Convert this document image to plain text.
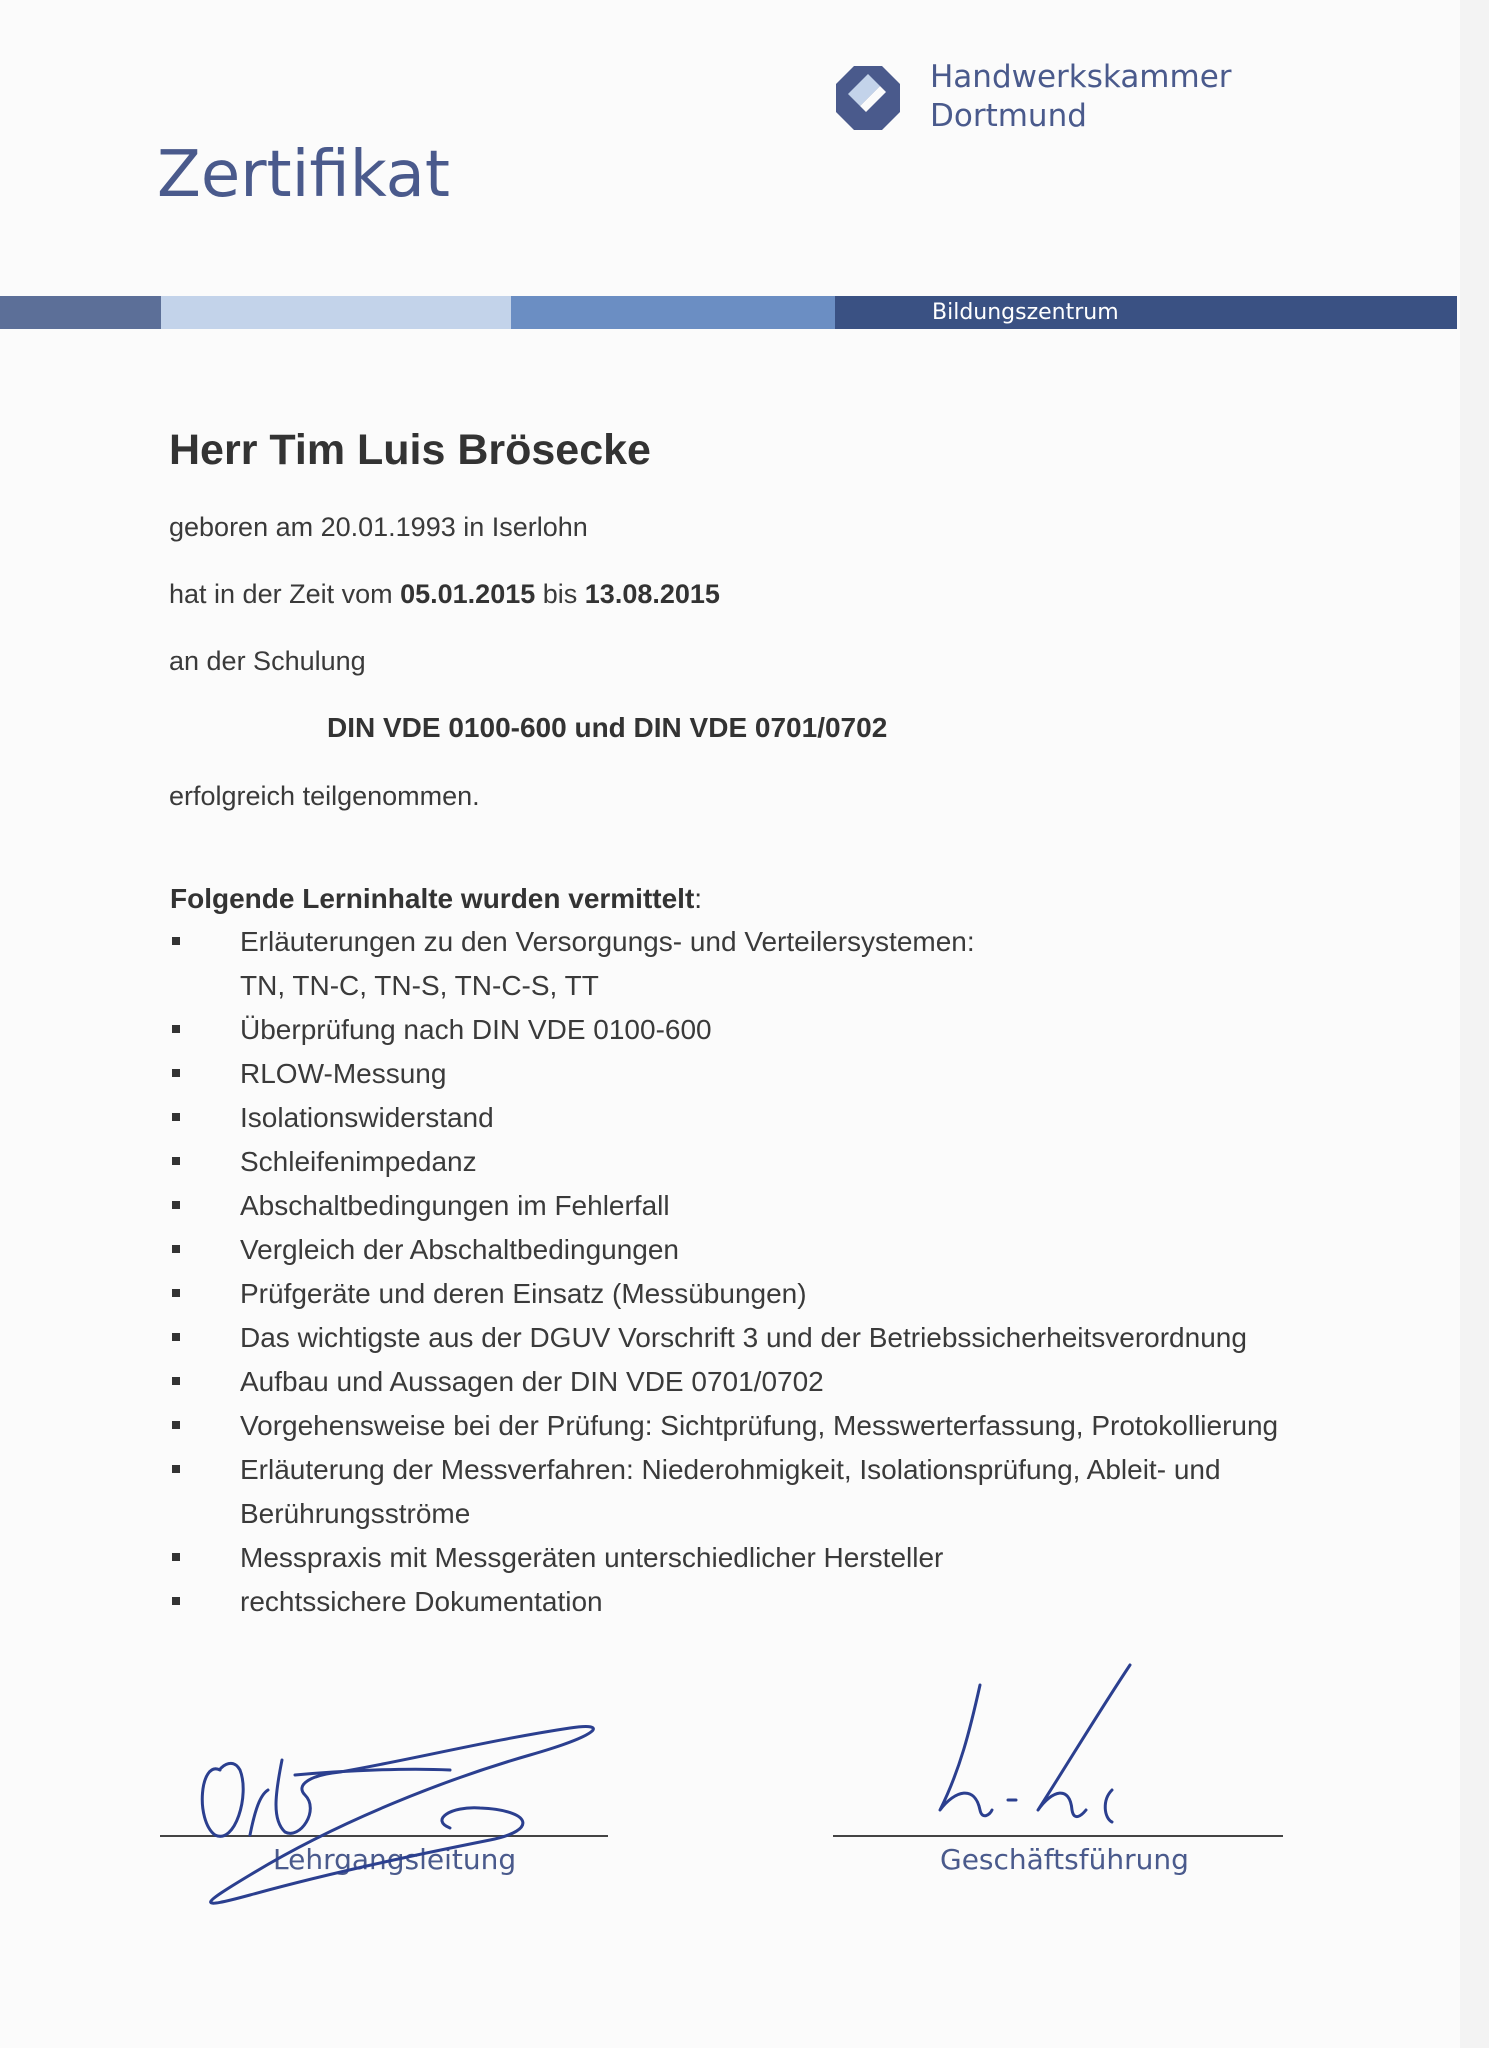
Zertifikat
Handwerkskammer
Dortmund
Bildungszentrum
Herr Tim Luis Brösecke
geboren am 20.01.1993 in Iserlohn
hat in der Zeit vom 05.01.2015 bis 13.08.2015
an der Schulung
DIN VDE 0100-600 und DIN VDE 0701/0702
erfolgreich teilgenommen.
Folgende Lerninhalte wurden vermittelt:
Erläuterungen zu den Versorgungs- und Verteilersystemen:
TN, TN-C, TN-S, TN-C-S, TT
Überprüfung nach DIN VDE 0100-600
RLOW-Messung
Isolationswiderstand
Schleifenimpedanz
Abschaltbedingungen im Fehlerfall
Vergleich der Abschaltbedingungen
Prüfgeräte und deren Einsatz (Messübungen)
Das wichtigste aus der DGUV Vorschrift 3 und der Betriebssicherheitsverordnung
Aufbau und Aussagen der DIN VDE 0701/0702
Vorgehensweise bei der Prüfung: Sichtprüfung, Messwerterfassung, Protokollierung
Erläuterung der Messverfahren: Niederohmigkeit, Isolationsprüfung, Ableit- und
Berührungsströme
Messpraxis mit Messgeräten unterschiedlicher Hersteller
rechtssichere Dokumentation
Lehrgangsleitung	Geschäftsführung
